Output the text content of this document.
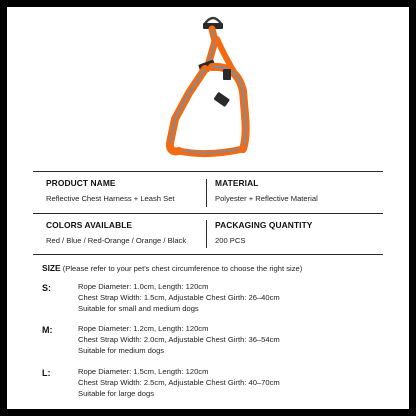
PRODUCT NAME
Reflective Chest Harness + Leash Set
MATERIAL
Polyester + Reflective Material
COLORS AVAILABLE
Red / Blue / Red-Orange / Orange / Black
PACKAGING QUANTITY
200 PCS
SIZE (Please refer to your pet's chest circumference to choose the right size)
S:	Rope Diameter: 1.0cm, Length: 120cm
Chest Strap Width: 1.5cm, Adjustable Chest Girth: 26–40cm
Suitable for small and medium dogs
M:	Rope Diameter: 1.2cm, Length: 120cm
Chest Strap Width: 2.0cm, Adjustable Chest Girth: 36–54cm
Suitable for medium dogs
L:	Rope Diameter: 1.5cm, Length: 120cm
Chest Strap Width: 2.5cm, Adjustable Chest Girth: 40–70cm
Suitable for large dogs
